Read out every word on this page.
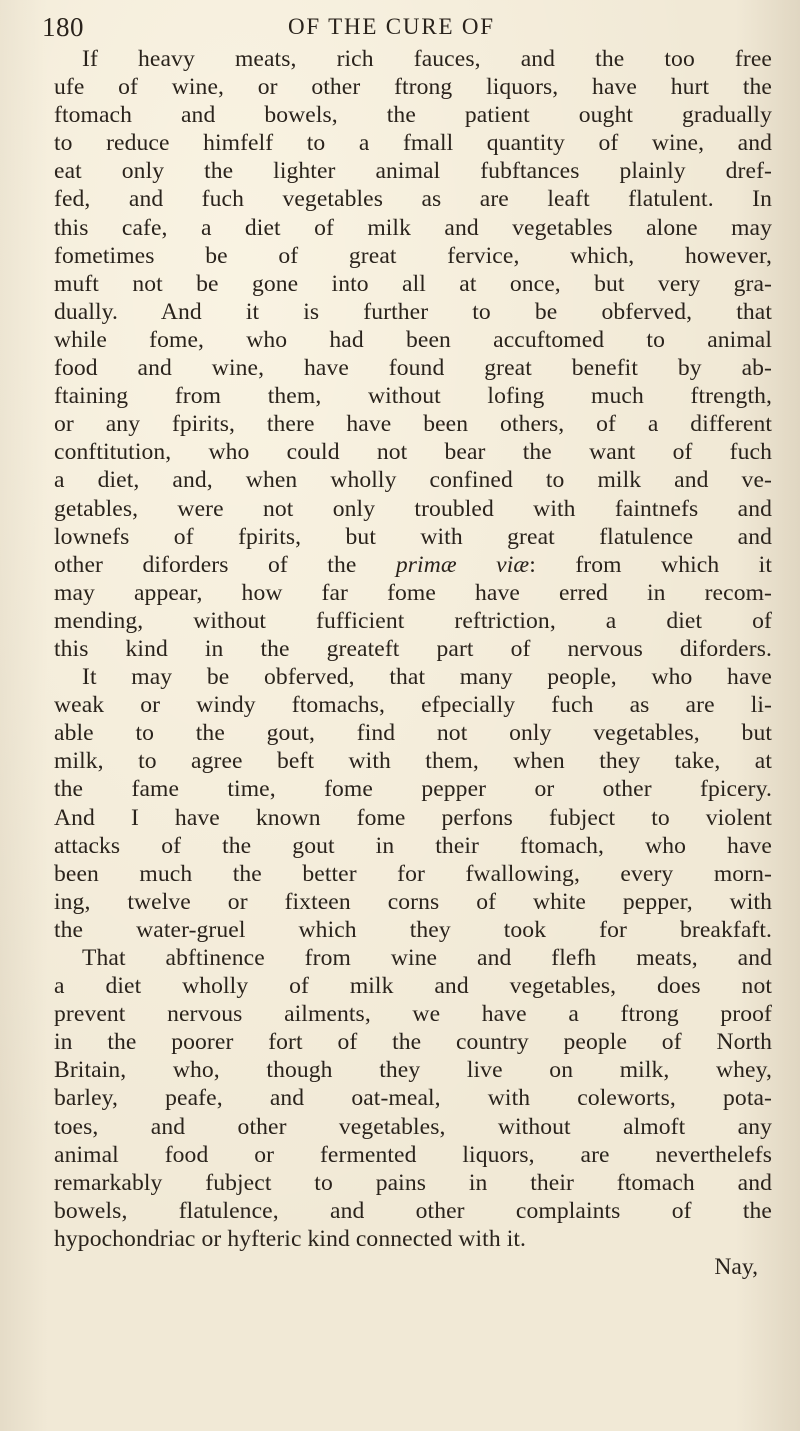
180	OF THE CURE OF
If heavy meats, rich fauces, and the too free
ufe of wine, or other ftrong liquors, have hurt the
ftomach and bowels, the patient ought gradually
to reduce himfelf to a fmall quantity of wine, and
eat only the lighter animal fubftances plainly dref-
fed, and fuch vegetables as are leaft flatulent. In
this cafe, a diet of milk and vegetables alone may
fometimes be of great fervice, which, however,
muft not be gone into all at once, but very gra-
dually. And it is further to be obferved, that
while fome, who had been accuftomed to animal
food and wine, have found great benefit by ab-
ftaining from them, without lofing much ftrength,
or any fpirits, there have been others, of a different
conftitution, who could not bear the want of fuch
a diet, and, when wholly confined to milk and ve-
getables, were not only troubled with faintnefs and
lownefs of fpirits, but with great flatulence and
other diforders of the primæ viæ: from which it
may appear, how far fome have erred in recom-
mending, without fufficient reftriction, a diet of
this kind in the greateft part of nervous diforders.
It may be obferved, that many people, who have
weak or windy ftomachs, efpecially fuch as are li-
able to the gout, find not only vegetables, but
milk, to agree beft with them, when they take, at
the fame time, fome pepper or other fpicery.
And I have known fome perfons fubject to violent
attacks of the gout in their ftomach, who have
been much the better for fwallowing, every morn-
ing, twelve or fixteen corns of white pepper, with
the water-gruel which they took for breakfaft.
That abftinence from wine and flefh meats, and
a diet wholly of milk and vegetables, does not
prevent nervous ailments, we have a ftrong proof
in the poorer fort of the country people of North
Britain, who, though they live on milk, whey,
barley, peafe, and oat-meal, with coleworts, pota-
toes, and other vegetables, without almoft any
animal food or fermented liquors, are neverthelefs
remarkably fubject to pains in their ftomach and
bowels, flatulence, and other complaints of the
hypochondriac or hyfteric kind connected with it.
Nay,
